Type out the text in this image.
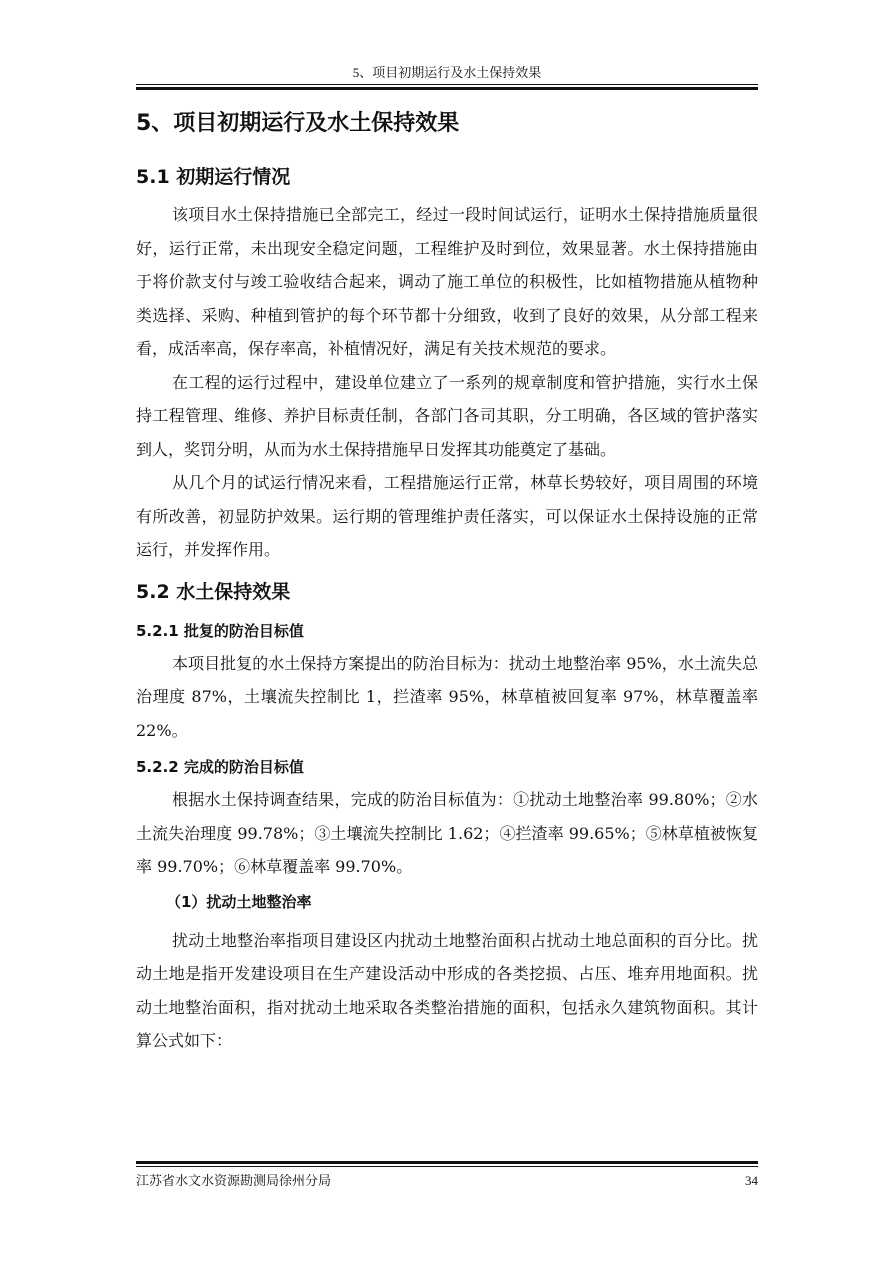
5、项目初期运行及水土保持效果
5、项目初期运行及水土保持效果
5.1 初期运行情况

该项目水土保持措施已全部完工，经过一段时间试运行，证明水土保持措施质量很好，运行正常，未出现安全稳定问题，工程维护及时到位，效果显著。水土保持措施由于将价款支付与竣工验收结合起来，调动了施工单位的积极性，比如植物措施从植物种类选择、采购、种植到管护的每个环节都十分细致，收到了良好的效果，从分部工程来看，成活率高，保存率高，补植情况好，满足有关技术规范的要求。

在工程的运行过程中，建设单位建立了一系列的规章制度和管护措施，实行水土保持工程管理、维修、养护目标责任制，各部门各司其职，分工明确，各区域的管护落实到人，奖罚分明，从而为水土保持措施早日发挥其功能奠定了基础。

从几个月的试运行情况来看，工程措施运行正常，林草长势较好，项目周围的环境有所改善，初显防护效果。运行期的管理维护责任落实，可以保证水土保持设施的正常运行，并发挥作用。

5.2 水土保持效果
5.2.1 批复的防治目标值

本项目批复的水土保持方案提出的防治目标为：扰动土地整治率 95%，水土流失总治理度 87%，土壤流失控制比 1，拦渣率 95%，林草植被回复率 97%，林草覆盖率 22%。

5.2.2 完成的防治目标值

根据水土保持调查结果，完成的防治目标值为：①扰动土地整治率 99.80%；②水土流失治理度 99.78%；③土壤流失控制比 1.62；④拦渣率 99.65%；⑤林草植被恢复率 99.70%；⑥林草覆盖率 99.70%。

（1）扰动土地整治率

扰动土地整治率指项目建设区内扰动土地整治面积占扰动土地总面积的百分比。扰动土地是指开发建设项目在生产建设活动中形成的各类挖损、占压、堆弃用地面积。扰动土地整治面积，指对扰动土地采取各类整治措施的面积，包括永久建筑物面积。其计算公式如下：

江苏省水文水资源勘测局徐州分局	34
